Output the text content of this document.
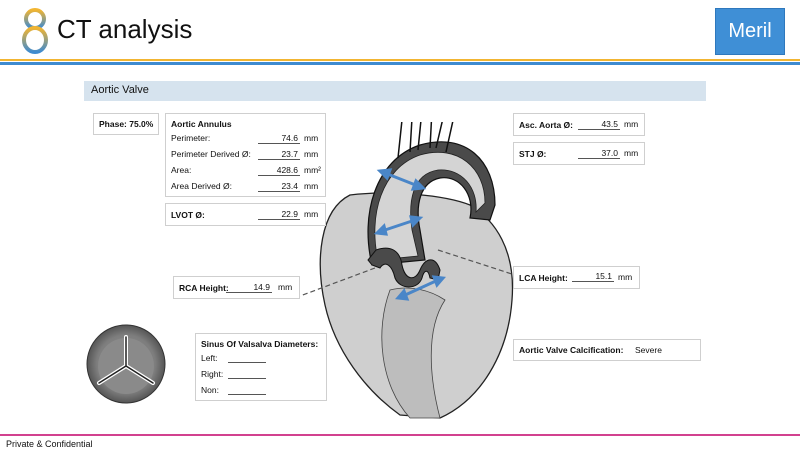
CT analysis	Meril
Aortic Valve
Phase: 75.0% Aortic Annulus
Perimeter:	74.6 mm
Perimeter Derived Ø:	23.7 mm
Area:	428.6 mm²
Area Derived Ø:	23.4 mm
LVOT Ø:	22.9 mm
Asc. Aorta Ø:	43.5 mm
STJ Ø:	37.0 mm
RCA Height:	14.9 mm
LCA Height:	15.1 mm
Sinus Of Valsalva Diameters:
Left:
Right:
Non:
Aortic Valve Calcification: Severe
Private & Confidential
